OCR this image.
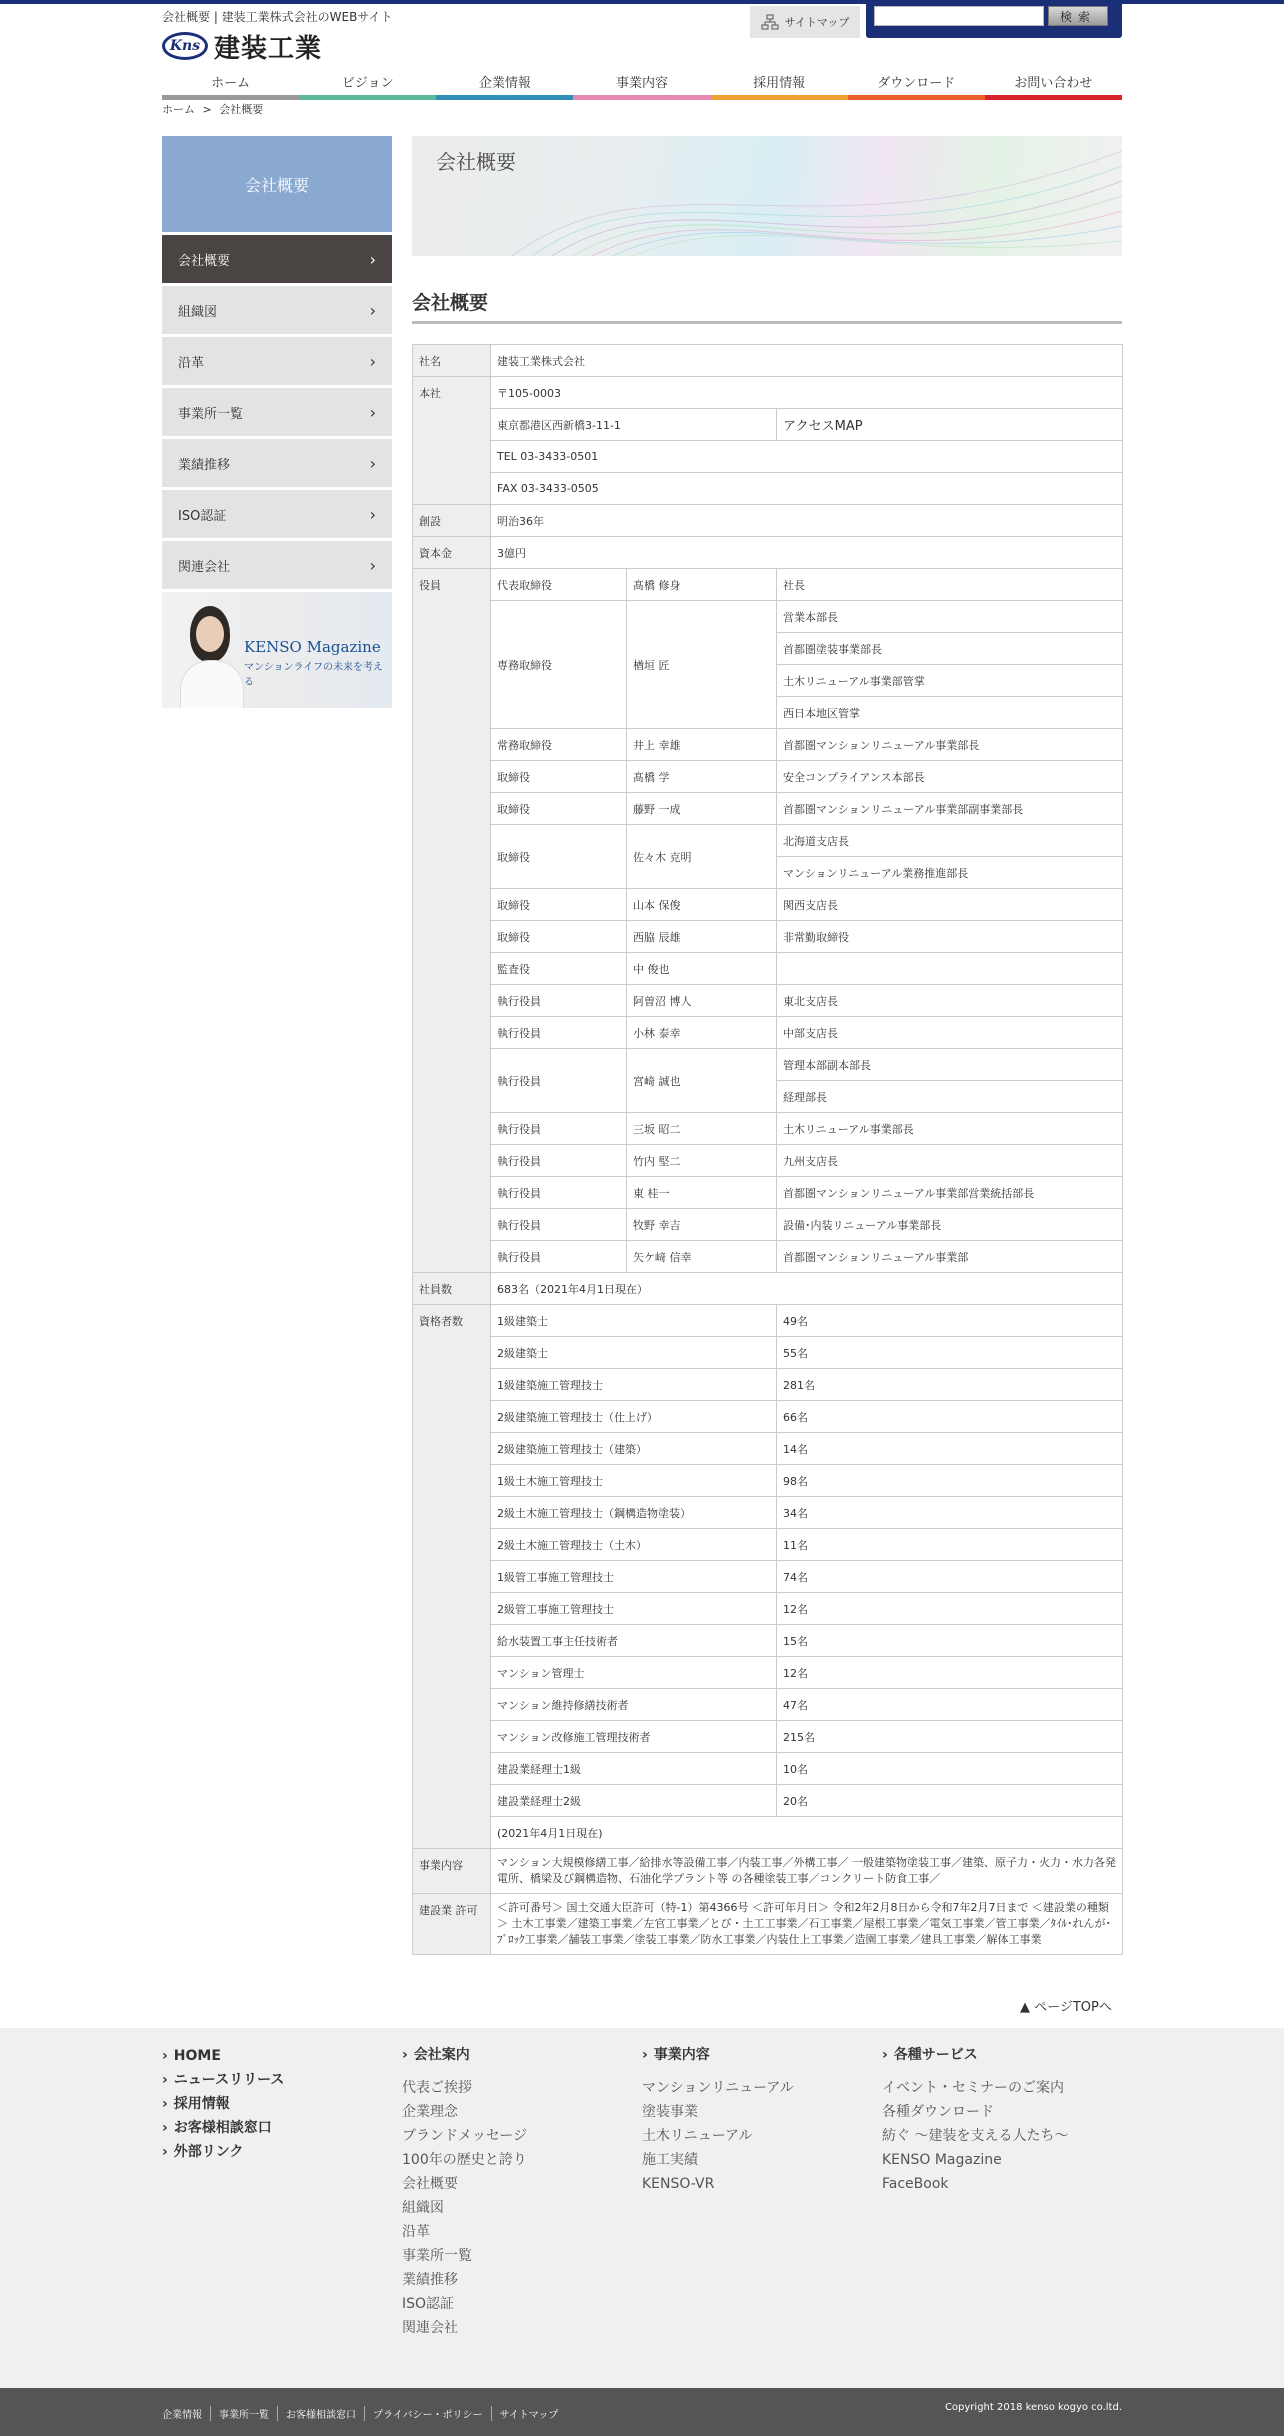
会社概要 | 建装工業株式会社のWEBサイト
Kns 建装工業
サイトマップ	検索
ホーム	ビジョン	企業情報	事業内容	採用情報	ダウンロード	お問い合わせ
ホーム > 会社概要
会社概要
会社概要	›
組織図	›
沿革	›
事業所一覧	›
業績推移	›
ISO認証	›
関連会社	›
KENSO Magazine
マンションライフの未来を考える
会社概要
会社概要
社名	建装工業株式会社		
本社	〒105-0003		
	東京都港区西新橋3-11-1		アクセスMAP
	TEL 03-3433-0501		
	FAX 03-3433-0505		
創設	明治36年		
資本金	3億円		
役員	代表取締役	髙橋 修身	社長
	専務取締役	楢垣 匠	営業本部長
			首都圏塗装事業部長
			土木リニューアル事業部管掌
			西日本地区管掌
	常務取締役	井上 幸雄	首都圏マンションリニューアル事業部長
	取締役	髙橋 学	安全コンプライアンス本部長
	取締役	藤野 一成	首都圏マンションリニューアル事業部副事業部長
	取締役	佐々木 克明	北海道支店長
			マンションリニューアル業務推進部長
	取締役	山本 保俊	関西支店長
	取締役	西脇 辰雄	非常勤取締役
	監査役	中 俊也	
	執行役員	阿曽沼 博人	東北支店長
	執行役員	小林 泰幸	中部支店長
	執行役員	宮崎 誠也	管理本部副本部長
			経理部長
	執行役員	三坂 昭二	土木リニューアル事業部長
	執行役員	竹内 堅二	九州支店長
	執行役員	東 桂一	首都圏マンションリニューアル事業部営業統括部長
	執行役員	牧野 幸吉	設備･内装リニューアル事業部長
	執行役員	矢ケ﨑 信幸	首都圏マンションリニューアル事業部
社員数	683名（2021年4月1日現在）		
資格者数	1級建築士		49名
	2級建築士		55名
	1級建築施工管理技士		281名
	2級建築施工管理技士（仕上げ）		66名
	2級建築施工管理技士（建築）		14名
	1級土木施工管理技士		98名
	2級土木施工管理技士（鋼構造物塗装）		34名
	2級土木施工管理技士（土木）		11名
	1級管工事施工管理技士		74名
	2級管工事施工管理技士		12名
	給水装置工事主任技術者		15名
	マンション管理士		12名
	マンション維持修繕技術者		47名
	マンション改修施工管理技術者		215名
	建設業経理士1級		10名
	建設業経理士2級		20名
	(2021年4月1日現在)		
事業内容	マンション大規模修繕工事／給排水等設備工事／内装工事／外構工事／ 一般建築物塗装工事／建築、原子力・火力・水力各発電所、橋梁及び鋼構造物、石油化学プラント等 の各種塗装工事／コンクリート防食工事／		
建設業 許可	＜許可番号＞ 国土交通大臣許可（特-1）第4366号 ＜許可年月日＞ 令和2年2月8日から令和7年2月7日まで ＜建設業の種類＞ 土木工事業／建築工事業／左官工事業／とび・土工工事業／石工事業／屋根工事業／電気工事業／管工事業／ﾀｲﾙ･れんが･ﾌﾞﾛｯｸ工事業／舗装工事業／塗装工事業／防水工事業／内装仕上工事業／造園工事業／建具工事業／解体工事業		
▲ ページTOPへ
› HOME
› ニュースリリース
› 採用情報
› お客様相談窓口
› 外部リンク
› 会社案内
代表ご挨拶
企業理念
ブランドメッセージ
100年の歴史と誇り
会社概要
組織図
沿革
事業所一覧
業績推移
ISO認証
関連会社
› 事業内容
マンションリニューアル
塗装事業
土木リニューアル
施工実績
KENSO-VR
› 各種サービス
イベント・セミナーのご案内
各種ダウンロード
紡ぐ ～建装を支える人たち～
KENSO Magazine
FaceBook
企業情報	事業所一覧	お客様相談窓口	プライバシー・ポリシー	サイトマップ
Copyright 2018 kenso kogyo co.ltd.
